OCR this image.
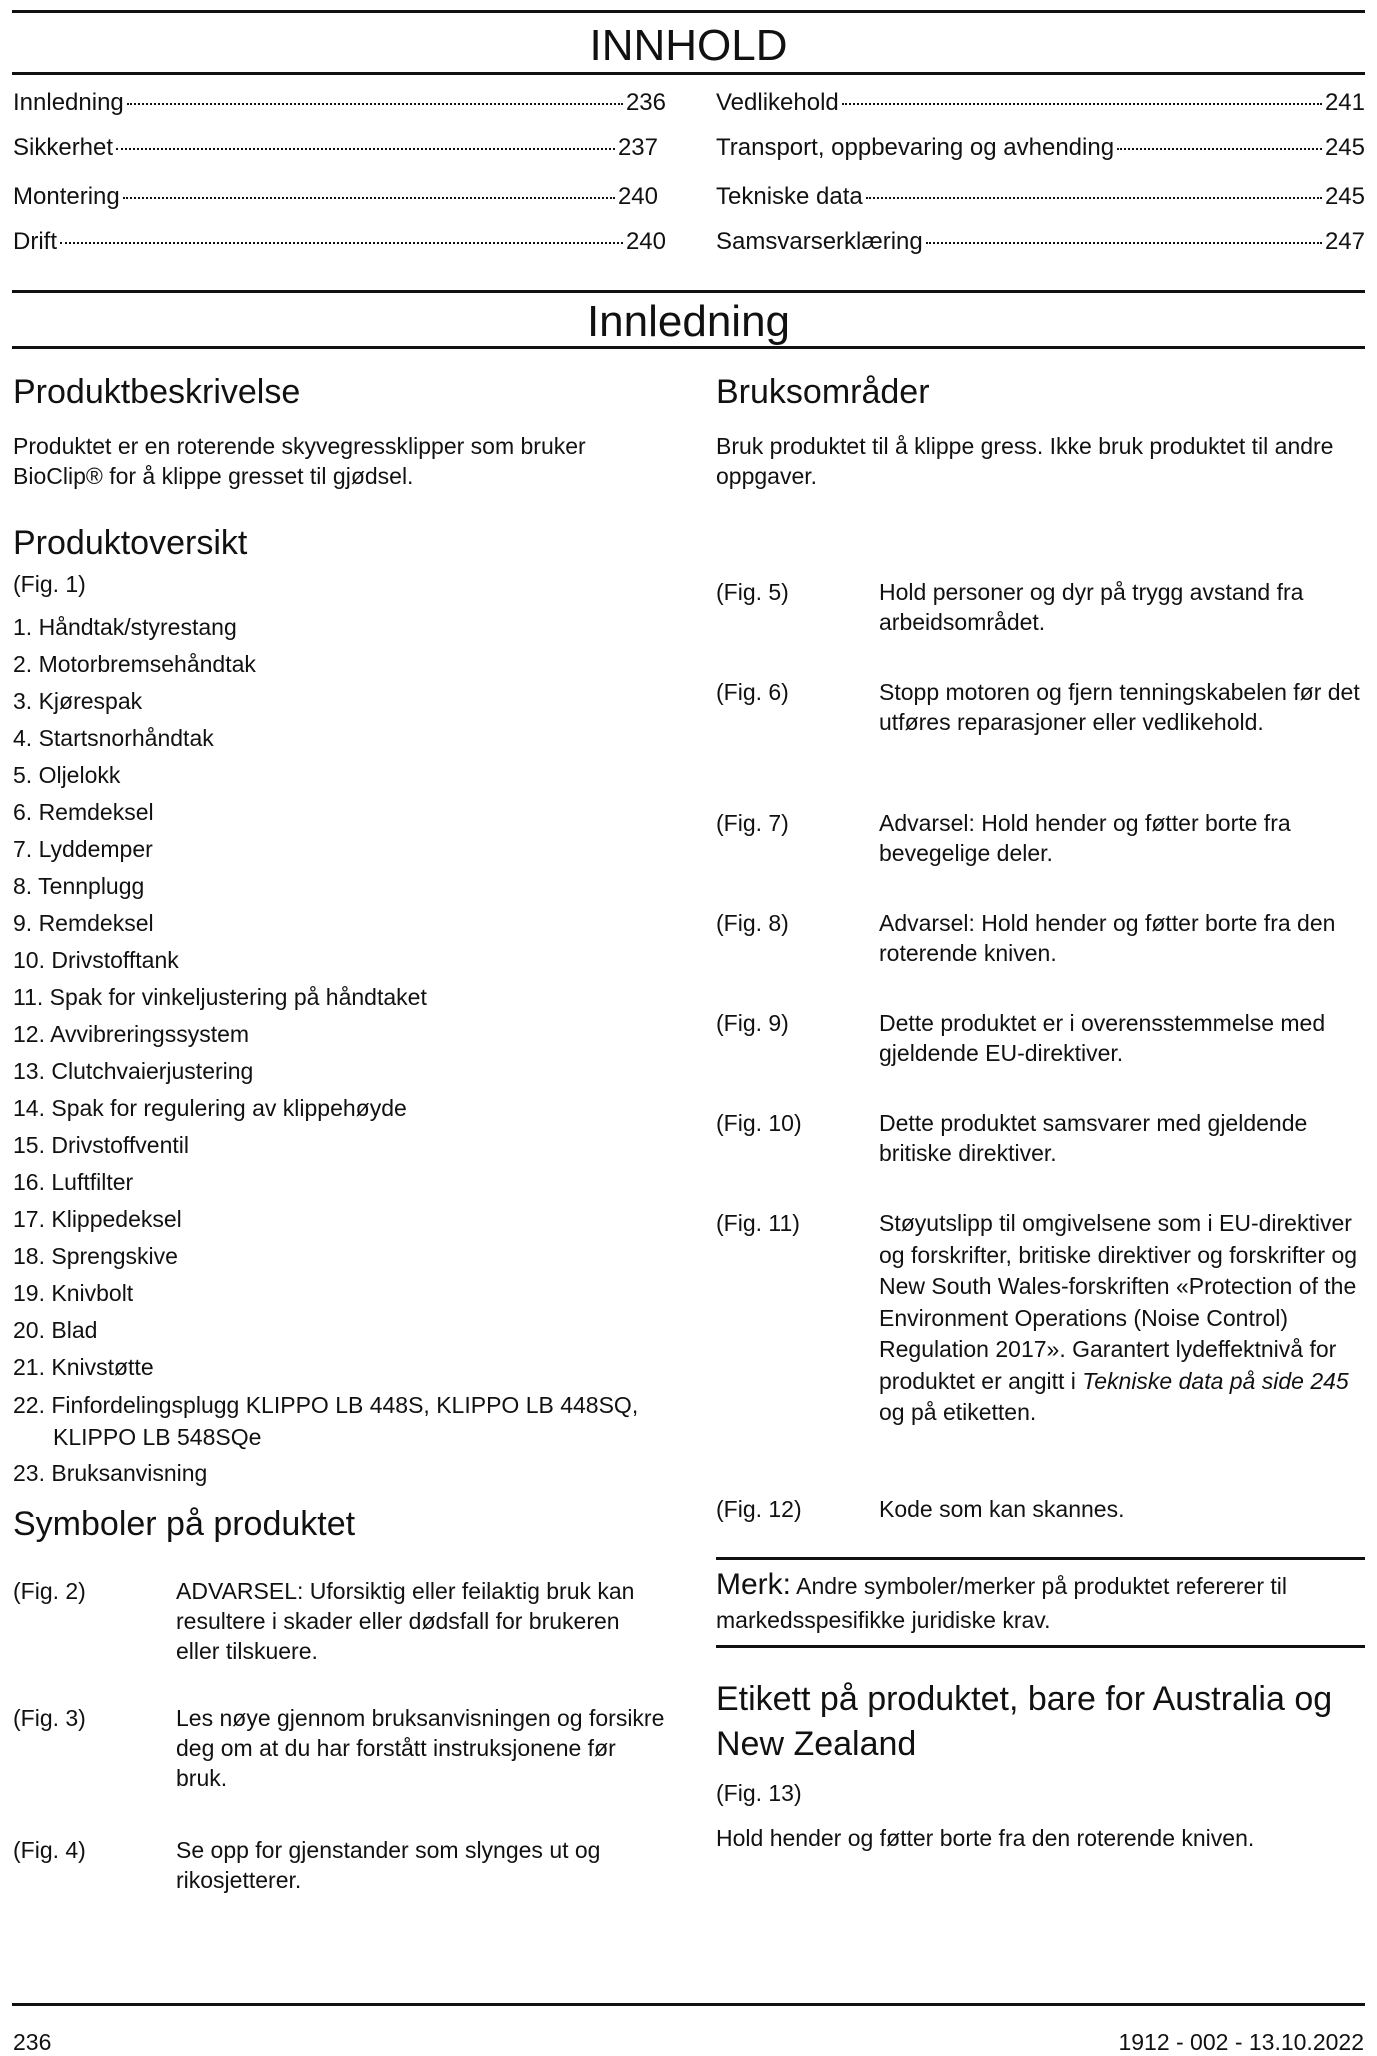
INNHOLD
Innledning	236
Sikkerhet	237
Montering	240
Drift	240
Vedlikehold	241
Transport, oppbevaring og avhending	245
Tekniske data	245
Samsvarserklæring	247
Innledning
Produktbeskrivelse
Produktet er en roterende skyvegressklipper som bruker BioClip® for å klippe gresset til gjødsel.
Produktoversikt
(Fig. 1)
1. Håndtak/styrestang
2. Motorbremsehåndtak
3. Kjørespak
4. Startsnorhåndtak
5. Oljelokk
6. Remdeksel
7. Lyddemper
8. Tennplugg
9. Remdeksel
10. Drivstofftank
11. Spak for vinkeljustering på håndtaket
12. Avvibreringssystem
13. Clutchvaierjustering
14. Spak for regulering av klippehøyde
15. Drivstoffventil
16. Luftfilter
17. Klippedeksel
18. Sprengskive
19. Knivbolt
20. Blad
21. Knivstøtte
22. Finfordelingsplugg KLIPPO LB 448S, KLIPPO LB 448SQ, KLIPPO LB 548SQe
23. Bruksanvisning
Symboler på produktet
(Fig. 2)	ADVARSEL: Uforsiktig eller feilaktig bruk kan resultere i skader eller dødsfall for brukeren eller tilskuere.
(Fig. 3)	Les nøye gjennom bruksanvisningen og forsikre deg om at du har forstått instruksjonene før bruk.
(Fig. 4)	Se opp for gjenstander som slynges ut og rikosjetterer.
Bruksområder
Bruk produktet til å klippe gress. Ikke bruk produktet til andre oppgaver.
(Fig. 5)	Hold personer og dyr på trygg avstand fra arbeidsområdet.
(Fig. 6)	Stopp motoren og fjern tenningskabelen før det utføres reparasjoner eller vedlikehold.
(Fig. 7)	Advarsel: Hold hender og føtter borte fra bevegelige deler.
(Fig. 8)	Advarsel: Hold hender og føtter borte fra den roterende kniven.
(Fig. 9)	Dette produktet er i overensstemmelse med gjeldende EU-direktiver.
(Fig. 10)	Dette produktet samsvarer med gjeldende britiske direktiver.
(Fig. 11)	Støyutslipp til omgivelsene som i EU-direktiver og forskrifter, britiske direktiver og forskrifter og New South Wales-forskriften «Protection of the Environment Operations (Noise Control) Regulation 2017». Garantert lydeffektnivå for produktet er angitt i Tekniske data på side 245 og på etiketten.
(Fig. 12)	Kode som kan skannes.
Merk: Andre symboler/merker på produktet refererer til markedsspesifikke juridiske krav.
Etikett på produktet, bare for Australia og New Zealand
(Fig. 13)
Hold hender og føtter borte fra den roterende kniven.
236	1912 - 002 - 13.10.2022
